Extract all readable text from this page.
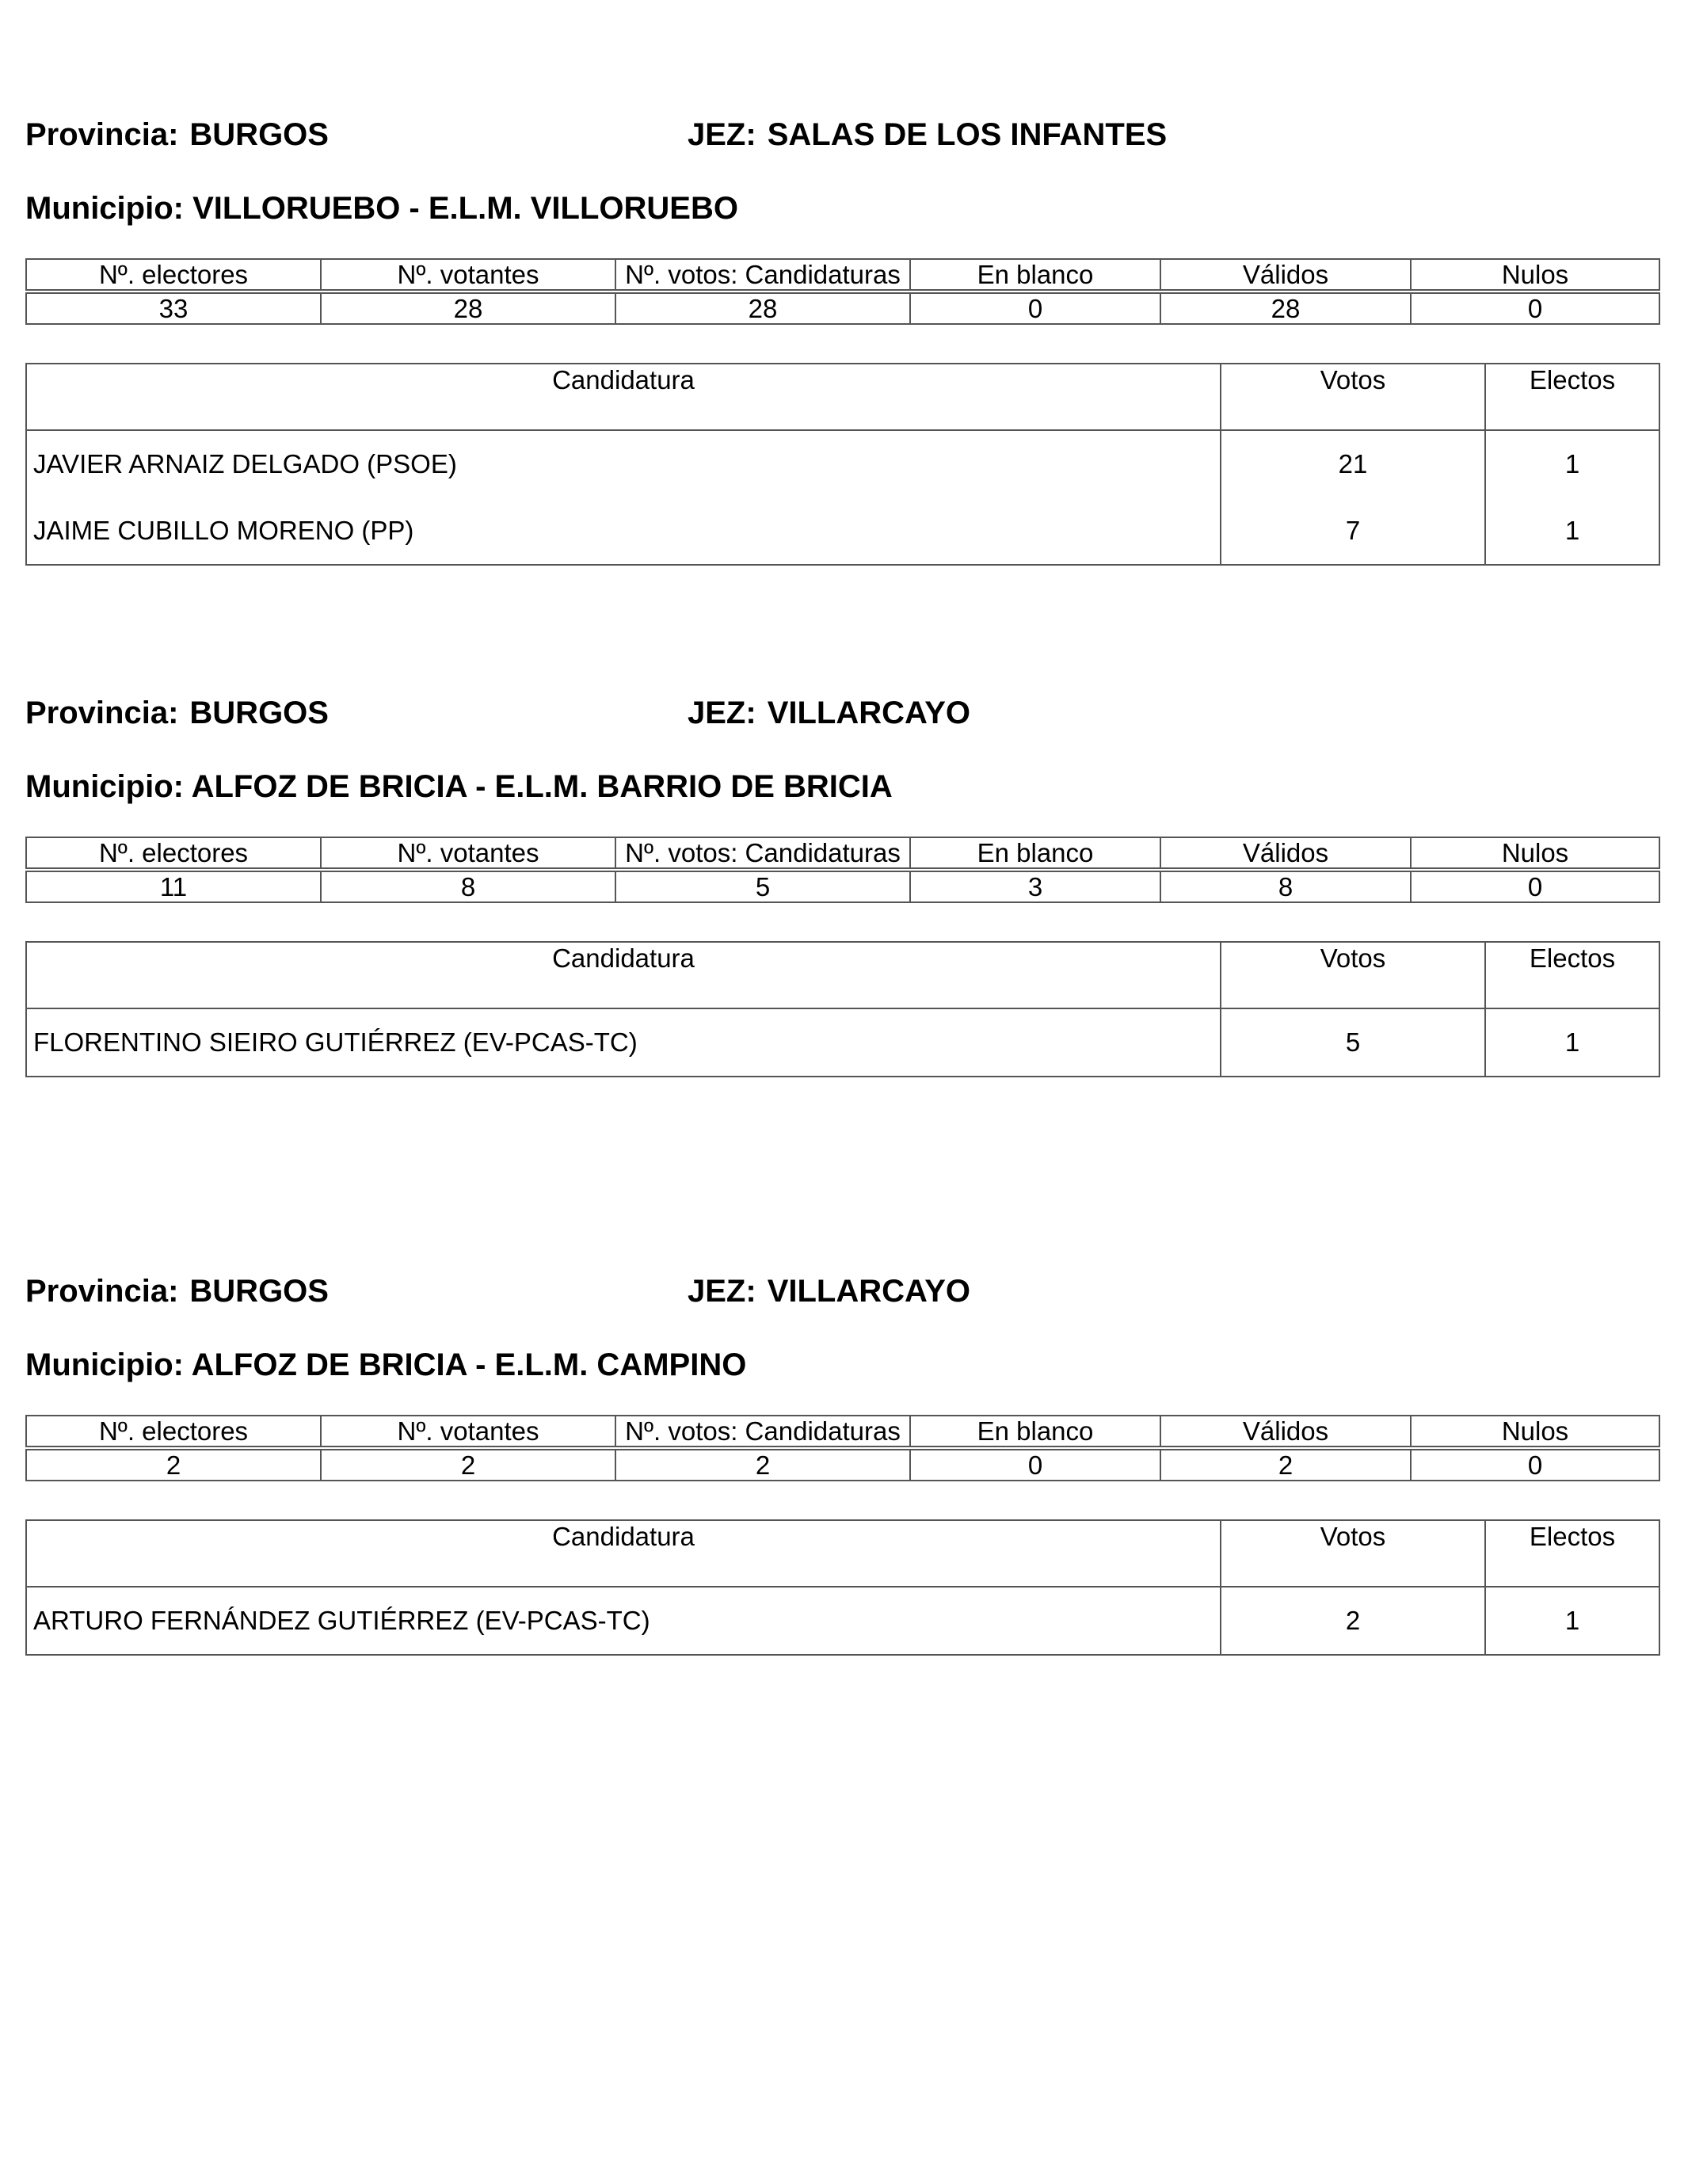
Provincia: BURGOS	JEZ: SALAS DE LOS INFANTES
Municipio: VILLORUEBO - E.L.M. VILLORUEBO
Nº. electores	Nº. votantes	Nº. votos: Candidaturas	En blanco	Válidos	Nulos

33	28	28	0	28	0
Candidatura	Votos	Electos
JAVIER ARNAIZ DELGADO (PSOE)	21	1
JAIME CUBILLO MORENO (PP)	7	1
Provincia: BURGOS	JEZ: VILLARCAYO
Municipio: ALFOZ DE BRICIA - E.L.M. BARRIO DE BRICIA
Nº. electores	Nº. votantes	Nº. votos: Candidaturas	En blanco	Válidos	Nulos

11	8	5	3	8	0
Candidatura	Votos	Electos
FLORENTINO SIEIRO GUTIÉRREZ (EV-PCAS-TC)	5	1
Provincia: BURGOS	JEZ: VILLARCAYO
Municipio: ALFOZ DE BRICIA - E.L.M. CAMPINO
Nº. electores	Nº. votantes	Nº. votos: Candidaturas	En blanco	Válidos	Nulos

2	2	2	0	2	0
Candidatura	Votos	Electos
ARTURO FERNÁNDEZ GUTIÉRREZ (EV-PCAS-TC)	2	1
